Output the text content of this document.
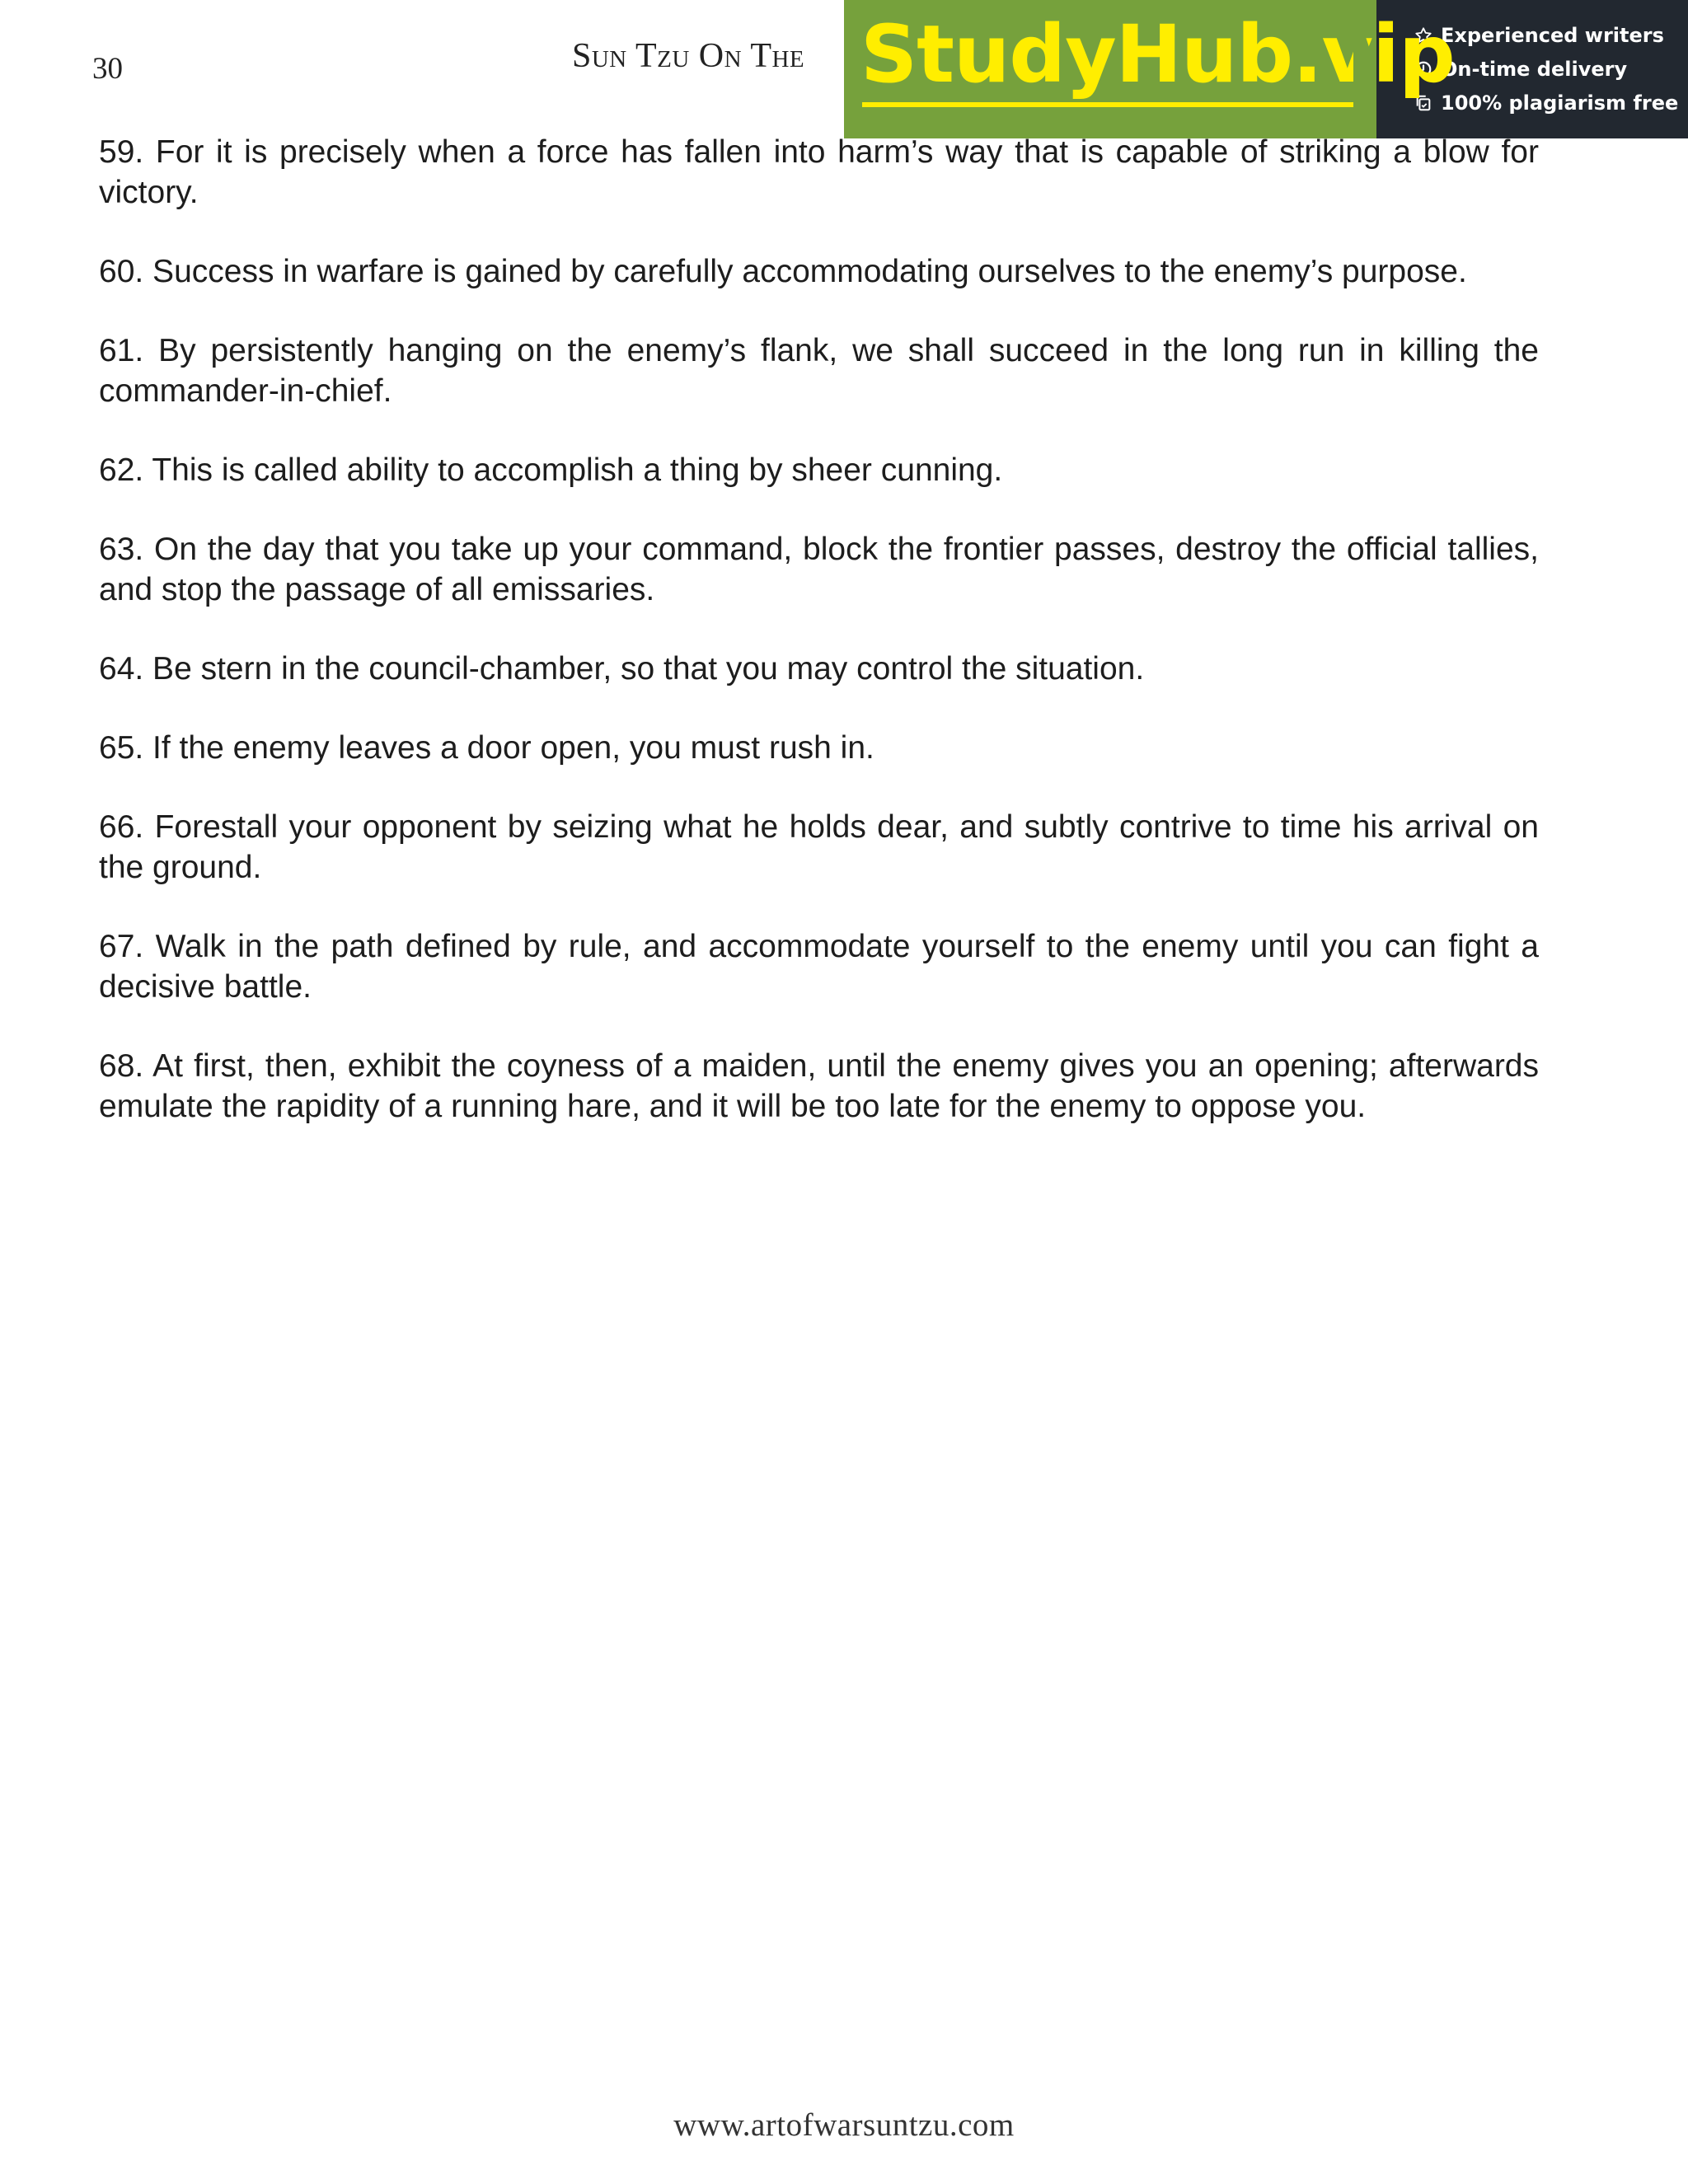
30	Sun Tzu On The StudyHub.vip
Experienced writers
On-time delivery
100% plagiarism free

59. For it is precisely when a force has fallen into harm’s way that is capable of striking a blow for victory.

60. Success in warfare is gained by carefully accommodating ourselves to the enemy’s purpose.

61. By persistently hanging on the enemy’s flank, we shall succeed in the long run in killing the commander-in-chief.

62. This is called ability to accomplish a thing by sheer cunning.

63. On the day that you take up your command, block the frontier passes, destroy the official tallies, and stop the passage of all emissaries.

64. Be stern in the council-chamber, so that you may control the situation.

65. If the enemy leaves a door open, you must rush in.

66. Forestall your opponent by seizing what he holds dear, and subtly contrive to time his arrival on the ground.

67. Walk in the path defined by rule, and accommodate yourself to the enemy until you can fight a decisive battle.

68. At first, then, exhibit the coyness of a maiden, until the enemy gives you an opening; afterwards emulate the rapidity of a running hare, and it will be too late for the enemy to oppose you.

www.artofwarsuntzu.com
